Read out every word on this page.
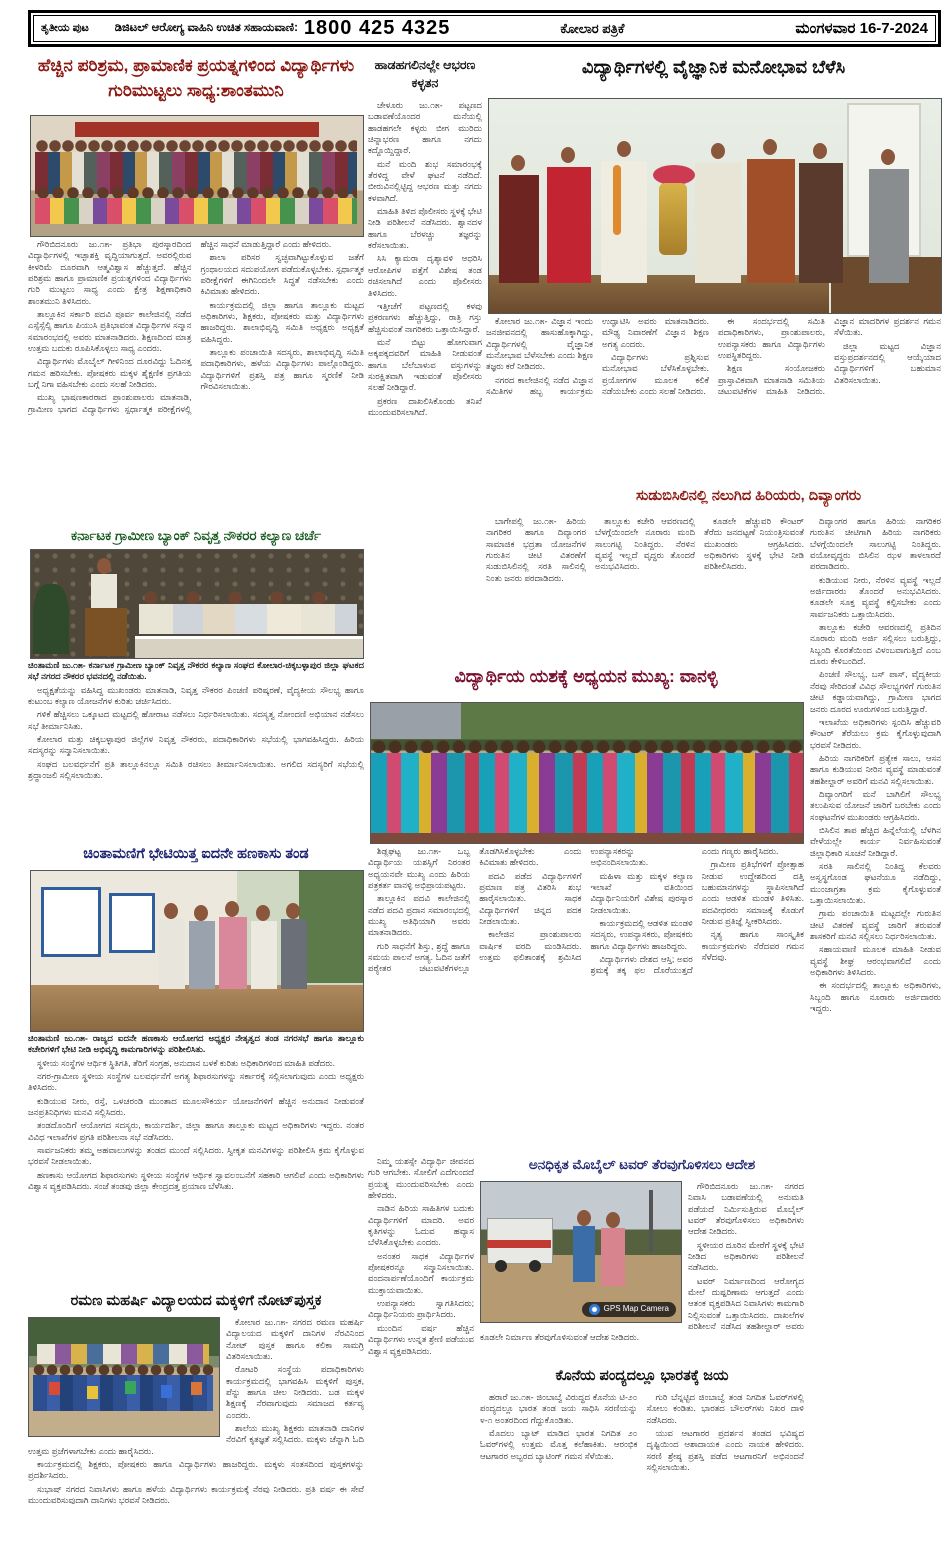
ತೃತೀಯ ಪುಟ ಡಿಜಿಟಲ್ ಆರೋಗ್ಯ ವಾಹಿನಿ ಉಚಿತ ಸಹಾಯವಾಣಿ: 1800 425 4325	ಕೋಲಾರ ಪತ್ರಿಕೆ	ಮಂಗಳವಾರ 16-7-2024
ಹೆಚ್ಚಿನ ಪರಿಶ್ರಮ, ಪ್ರಾಮಾಣಿಕ ಪ್ರಯತ್ನಗಳಿಂದ ವಿದ್ಯಾರ್ಥಿಗಳು ಗುರಿಮುಟ್ಟಲು ಸಾಧ್ಯ:ಶಾಂತಮುನಿ

ಗೌರಿಬಿದನೂರು ಜು.೧೫- ಪ್ರತಿಭಾ ಪುರಸ್ಕಾರದಿಂದ ವಿದ್ಯಾರ್ಥಿಗಳಲ್ಲಿ ಇಚ್ಛಾಶಕ್ತಿ ವೃದ್ಧಿಯಾಗುತ್ತದೆ. ಅವರಲ್ಲಿರುವ ಕೀಳರಿಮೆ ದೂರವಾಗಿ ಆತ್ಮವಿಶ್ವಾಸ ಹೆಚ್ಚುತ್ತದೆ. ಹೆಚ್ಚಿನ ಪರಿಶ್ರಮ ಹಾಗೂ ಪ್ರಾಮಾಣಿಕ ಪ್ರಯತ್ನಗಳಿಂದ ವಿದ್ಯಾರ್ಥಿಗಳು ಗುರಿ ಮುಟ್ಟಲು ಸಾಧ್ಯ ಎಂದು ಕ್ಷೇತ್ರ ಶಿಕ್ಷಣಾಧಿಕಾರಿ ಶಾಂತಮುನಿ ತಿಳಿಸಿದರು.

ತಾಲ್ಲೂಕಿನ ಸರ್ಕಾರಿ ಪದವಿ ಪೂರ್ವ ಕಾಲೇಜಿನಲ್ಲಿ ನಡೆದ ಎಸ್ಸೆಸ್ಸೆಲ್ಸಿ ಹಾಗೂ ಪಿಯುಸಿ ಪ್ರತಿಭಾವಂತ ವಿದ್ಯಾರ್ಥಿಗಳ ಸನ್ಮಾನ ಸಮಾರಂಭದಲ್ಲಿ ಅವರು ಮಾತನಾಡಿದರು. ಶಿಕ್ಷಣದಿಂದ ಮಾತ್ರ ಉತ್ತಮ ಬದುಕು ರೂಪಿಸಿಕೊಳ್ಳಲು ಸಾಧ್ಯ ಎಂದರು.

ವಿದ್ಯಾರ್ಥಿಗಳು ಮೊಬೈಲ್ ಗೀಳಿನಿಂದ ದೂರವಿದ್ದು ಓದಿನತ್ತ ಗಮನ ಹರಿಸಬೇಕು. ಪೋಷಕರು ಮಕ್ಕಳ ಶೈಕ್ಷಣಿಕ ಪ್ರಗತಿಯ ಬಗ್ಗೆ ನಿಗಾ ವಹಿಸಬೇಕು ಎಂದು ಸಲಹೆ ನೀಡಿದರು.

ಮುಖ್ಯ ಭಾಷಣಕಾರರಾದ ಪ್ರಾಂಶುಪಾಲರು ಮಾತನಾಡಿ, ಗ್ರಾಮೀಣ ಭಾಗದ ವಿದ್ಯಾರ್ಥಿಗಳು ಸ್ಪರ್ಧಾತ್ಮಕ ಪರೀಕ್ಷೆಗಳಲ್ಲಿ ಹೆಚ್ಚಿನ ಸಾಧನೆ ಮಾಡುತ್ತಿದ್ದಾರೆ ಎಂದು ಹೇಳಿದರು.

ಶಾಲಾ ಪರಿಸರ ಸ್ವಚ್ಛವಾಗಿಟ್ಟುಕೊಳ್ಳುವ ಜತೆಗೆ ಗ್ರಂಥಾಲಯದ ಸದುಪಯೋಗ ಪಡೆದುಕೊಳ್ಳಬೇಕು. ಸ್ಪರ್ಧಾತ್ಮಕ ಪರೀಕ್ಷೆಗಳಿಗೆ ಈಗಿನಿಂದಲೇ ಸಿದ್ಧತೆ ನಡೆಸಬೇಕು ಎಂದು ಕಿವಿಮಾತು ಹೇಳಿದರು.

ಕಾರ್ಯಕ್ರಮದಲ್ಲಿ ಜಿಲ್ಲಾ ಹಾಗೂ ತಾಲ್ಲೂಕು ಮಟ್ಟದ ಅಧಿಕಾರಿಗಳು, ಶಿಕ್ಷಕರು, ಪೋಷಕರು ಮತ್ತು ವಿದ್ಯಾರ್ಥಿಗಳು ಹಾಜರಿದ್ದರು. ಶಾಲಾಭಿವೃದ್ಧಿ ಸಮಿತಿ ಅಧ್ಯಕ್ಷರು ಅಧ್ಯಕ್ಷತೆ ವಹಿಸಿದ್ದರು.

ತಾಲ್ಲೂಕು ಪಂಚಾಯಿತಿ ಸದಸ್ಯರು, ಶಾಲಾಭಿವೃದ್ಧಿ ಸಮಿತಿ ಪದಾಧಿಕಾರಿಗಳು, ಹಳೆಯ ವಿದ್ಯಾರ್ಥಿಗಳು ಪಾಲ್ಗೊಂಡಿದ್ದರು. ವಿದ್ಯಾರ್ಥಿಗಳಿಗೆ ಪ್ರಶಸ್ತಿ ಪತ್ರ ಹಾಗೂ ಸ್ಮರಣಿಕೆ ನೀಡಿ ಗೌರವಿಸಲಾಯಿತು.

ಕರ್ನಾಟಕ ಗ್ರಾಮೀಣ ಬ್ಯಾಂಕ್ ನಿವೃತ್ತ ನೌಕರರ ಕಲ್ಯಾಣ ಚರ್ಚೆ

ಚಿಂತಾಮಣಿ ಜು.೧೫- ಕರ್ನಾಟಕ ಗ್ರಾಮೀಣ ಬ್ಯಾಂಕ್ ನಿವೃತ್ತ ನೌಕರರ ಕಲ್ಯಾಣ ಸಂಘದ ಕೋಲಾರ-ಚಿಕ್ಕಬಳ್ಳಾಪುರ ಜಿಲ್ಲಾ ಘಟಕದ ಸಭೆ ನಗರದ ನೌಕರರ ಭವನದಲ್ಲಿ ನಡೆಯಿತು.

ಅಧ್ಯಕ್ಷತೆಯನ್ನು ವಹಿಸಿದ್ದ ಮುಖಂಡರು ಮಾತನಾಡಿ, ನಿವೃತ್ತ ನೌಕರರ ಪಿಂಚಣಿ ಪರಿಷ್ಕರಣೆ, ವೈದ್ಯಕೀಯ ಸೌಲಭ್ಯ ಹಾಗೂ ಕುಟುಂಬ ಕಲ್ಯಾಣ ಯೋಜನೆಗಳ ಕುರಿತು ಚರ್ಚಿಸಿದರು.

ಗಳಿಕೆ ಹೆಚ್ಚಿಸಲು ಒಕ್ಕೂಟದ ಮಟ್ಟದಲ್ಲಿ ಹೋರಾಟ ನಡೆಸಲು ನಿರ್ಧರಿಸಲಾಯಿತು. ಸದಸ್ಯತ್ವ ನೋಂದಣಿ ಅಭಿಯಾನ ನಡೆಸಲು ಸಭೆ ತೀರ್ಮಾನಿಸಿತು.

ಕೋಲಾರ ಮತ್ತು ಚಿಕ್ಕಬಳ್ಳಾಪುರ ಜಿಲ್ಲೆಗಳ ನಿವೃತ್ತ ನೌಕರರು, ಪದಾಧಿಕಾರಿಗಳು ಸಭೆಯಲ್ಲಿ ಭಾಗವಹಿಸಿದ್ದರು. ಹಿರಿಯ ಸದಸ್ಯರನ್ನು ಸನ್ಮಾನಿಸಲಾಯಿತು.

ಸಂಘದ ಬಲವರ್ಧನೆಗೆ ಪ್ರತಿ ತಾಲ್ಲೂಕಿನಲ್ಲೂ ಸಮಿತಿ ರಚಿಸಲು ತೀರ್ಮಾನಿಸಲಾಯಿತು. ಅಗಲಿದ ಸದಸ್ಯರಿಗೆ ಸಭೆಯಲ್ಲಿ ಶ್ರದ್ಧಾಂಜಲಿ ಸಲ್ಲಿಸಲಾಯಿತು.

ಚಿಂತಾಮಣಿಗೆ ಭೇಟಿಯಿತ್ತ ಐದನೇ ಹಣಕಾಸು ತಂಡ

ಚಿಂತಾಮಣಿ ಜು.೧೫- ರಾಜ್ಯದ ಐದನೇ ಹಣಕಾಸು ಆಯೋಗದ ಅಧ್ಯಕ್ಷರ ನೇತೃತ್ವದ ತಂಡ ನಗರಸಭೆ ಹಾಗೂ ತಾಲ್ಲೂಕು ಕಚೇರಿಗಳಿಗೆ ಭೇಟಿ ನೀಡಿ ಅಭಿವೃದ್ಧಿ ಕಾಮಗಾರಿಗಳನ್ನು ಪರಿಶೀಲಿಸಿತು.

ಸ್ಥಳೀಯ ಸಂಸ್ಥೆಗಳ ಆರ್ಥಿಕ ಸ್ಥಿತಿಗತಿ, ತೆರಿಗೆ ಸಂಗ್ರಹ, ಅನುದಾನ ಬಳಕೆ ಕುರಿತು ಅಧಿಕಾರಿಗಳಿಂದ ಮಾಹಿತಿ ಪಡೆದರು.

ನಗರ-ಗ್ರಾಮೀಣ ಸ್ಥಳೀಯ ಸಂಸ್ಥೆಗಳ ಬಲವರ್ಧನೆಗೆ ಅಗತ್ಯ ಶಿಫಾರಸುಗಳನ್ನು ಸರ್ಕಾರಕ್ಕೆ ಸಲ್ಲಿಸಲಾಗುವುದು ಎಂದು ಅಧ್ಯಕ್ಷರು ತಿಳಿಸಿದರು.

ಕುಡಿಯುವ ನೀರು, ರಸ್ತೆ, ಒಳಚರಂಡಿ ಮುಂತಾದ ಮೂಲಸೌಕರ್ಯ ಯೋಜನೆಗಳಿಗೆ ಹೆಚ್ಚಿನ ಅನುದಾನ ನೀಡುವಂತೆ ಜನಪ್ರತಿನಿಧಿಗಳು ಮನವಿ ಸಲ್ಲಿಸಿದರು.

ತಂಡದೊಂದಿಗೆ ಆಯೋಗದ ಸದಸ್ಯರು, ಕಾರ್ಯದರ್ಶಿ, ಜಿಲ್ಲಾ ಹಾಗೂ ತಾಲ್ಲೂಕು ಮಟ್ಟದ ಅಧಿಕಾರಿಗಳು ಇದ್ದರು. ನಂತರ ವಿವಿಧ ಇಲಾಖೆಗಳ ಪ್ರಗತಿ ಪರಿಶೀಲನಾ ಸಭೆ ನಡೆಸಿದರು.

ಸಾರ್ವಜನಿಕರು ತಮ್ಮ ಅಹವಾಲುಗಳನ್ನು ತಂಡದ ಮುಂದೆ ಸಲ್ಲಿಸಿದರು. ಸ್ವೀಕೃತ ಮನವಿಗಳನ್ನು ಪರಿಶೀಲಿಸಿ ಕ್ರಮ ಕೈಗೊಳ್ಳುವ ಭರವಸೆ ನೀಡಲಾಯಿತು.

ಹಣಕಾಸು ಆಯೋಗದ ಶಿಫಾರಸುಗಳು ಸ್ಥಳೀಯ ಸಂಸ್ಥೆಗಳ ಆರ್ಥಿಕ ಸ್ವಾವಲಂಬನೆಗೆ ಸಹಕಾರಿ ಆಗಲಿವೆ ಎಂದು ಅಧಿಕಾರಿಗಳು ವಿಶ್ವಾಸ ವ್ಯಕ್ತಪಡಿಸಿದರು. ಸಂಜೆ ತಂಡವು ಜಿಲ್ಲಾ ಕೇಂದ್ರದತ್ತ ಪ್ರಯಾಣ ಬೆಳೆಸಿತು.

ರಮಣ ಮಹರ್ಷಿ ವಿದ್ಯಾಲಯದ ಮಕ್ಕಳಿಗೆ ನೋಟ್‌ಪುಸ್ತಕ

ಕೋಲಾರ ಜು.೧೫- ನಗರದ ರಮಣ ಮಹರ್ಷಿ ವಿದ್ಯಾಲಯದ ಮಕ್ಕಳಿಗೆ ದಾನಿಗಳ ನೆರವಿನಿಂದ ನೋಟ್ ಪುಸ್ತಕ ಹಾಗೂ ಕಲಿಕಾ ಸಾಮಗ್ರಿ ವಿತರಿಸಲಾಯಿತು.

ರೋಟರಿ ಸಂಸ್ಥೆಯ ಪದಾಧಿಕಾರಿಗಳು ಕಾರ್ಯಕ್ರಮದಲ್ಲಿ ಭಾಗವಹಿಸಿ ಮಕ್ಕಳಿಗೆ ಪುಸ್ತಕ, ಪೆನ್ನು ಹಾಗೂ ಚೀಲ ನೀಡಿದರು. ಬಡ ಮಕ್ಕಳ ಶಿಕ್ಷಣಕ್ಕೆ ನೆರವಾಗುವುದು ಸಮಾಜದ ಕರ್ತವ್ಯ ಎಂದರು.

ಶಾಲೆಯ ಮುಖ್ಯ ಶಿಕ್ಷಕರು ಮಾತನಾಡಿ ದಾನಿಗಳ ನೆರವಿಗೆ ಕೃತಜ್ಞತೆ ಸಲ್ಲಿಸಿದರು. ಮಕ್ಕಳು ಚೆನ್ನಾಗಿ ಓದಿ ಉತ್ತಮ ಪ್ರಜೆಗಳಾಗಬೇಕು ಎಂದು ಹಾರೈಸಿದರು.

ಕಾರ್ಯಕ್ರಮದಲ್ಲಿ ಶಿಕ್ಷಕರು, ಪೋಷಕರು ಹಾಗೂ ವಿದ್ಯಾರ್ಥಿಗಳು ಹಾಜರಿದ್ದರು. ಮಕ್ಕಳು ಸಂತಸದಿಂದ ಪುಸ್ತಕಗಳನ್ನು ಪ್ರದರ್ಶಿಸಿದರು.

ಸುಭಾಷ್ ನಗರದ ನಿವಾಸಿಗಳು ಹಾಗೂ ಹಳೆಯ ವಿದ್ಯಾರ್ಥಿಗಳು ಕಾರ್ಯಕ್ರಮಕ್ಕೆ ನೆರವು ನೀಡಿದರು. ಪ್ರತಿ ವರ್ಷ ಈ ಸೇವೆ ಮುಂದುವರಿಸುವುದಾಗಿ ದಾನಿಗಳು ಭರವಸೆ ನೀಡಿದರು.

ಹಾಡಹಗಲಿನಲ್ಲೇ ಆಭರಣ ಕಳ್ಳತನ

ಚೇಳೂರು ಜು.೧೫- ಪಟ್ಟಣದ ಬಡಾವಣೆಯೊಂದರ ಮನೆಯಲ್ಲಿ ಹಾಡಹಗಲೇ ಕಳ್ಳರು ಬೀಗ ಮುರಿದು ಚಿನ್ನಾಭರಣ ಹಾಗೂ ನಗದು ಕದ್ದೊಯ್ದಿದ್ದಾರೆ.

ಮನೆ ಮಂದಿ ಶುಭ ಸಮಾರಂಭಕ್ಕೆ ತೆರಳಿದ್ದ ವೇಳೆ ಘಟನೆ ನಡೆದಿದೆ. ಬೀರುವಿನಲ್ಲಿಟ್ಟಿದ್ದ ಆಭರಣ ಮತ್ತು ನಗದು ಕಳವಾಗಿದೆ.

ಮಾಹಿತಿ ತಿಳಿದ ಪೊಲೀಸರು ಸ್ಥಳಕ್ಕೆ ಭೇಟಿ ನೀಡಿ ಪರಿಶೀಲನೆ ನಡೆಸಿದರು. ಶ್ವಾನದಳ ಹಾಗೂ ಬೆರಳಚ್ಚು ತಜ್ಞರನ್ನು ಕರೆಸಲಾಯಿತು.

ಸಿಸಿ ಕ್ಯಾಮರಾ ದೃಶ್ಯಾವಳಿ ಆಧರಿಸಿ ಆರೋಪಿಗಳ ಪತ್ತೆಗೆ ವಿಶೇಷ ತಂಡ ರಚಿಸಲಾಗಿದೆ ಎಂದು ಪೊಲೀಸರು ತಿಳಿಸಿದರು.

ಇತ್ತೀಚೆಗೆ ಪಟ್ಟಣದಲ್ಲಿ ಕಳವು ಪ್ರಕರಣಗಳು ಹೆಚ್ಚುತ್ತಿದ್ದು, ರಾತ್ರಿ ಗಸ್ತು ಹೆಚ್ಚಿಸುವಂತೆ ನಾಗರಿಕರು ಒತ್ತಾಯಿಸಿದ್ದಾರೆ.

ಮನೆ ಬಿಟ್ಟು ಹೋಗುವಾಗ ಅಕ್ಕಪಕ್ಕದವರಿಗೆ ಮಾಹಿತಿ ನೀಡುವಂತೆ ಹಾಗೂ ಬೆಲೆಬಾಳುವ ವಸ್ತುಗಳನ್ನು ಸುರಕ್ಷಿತವಾಗಿ ಇಡುವಂತೆ ಪೊಲೀಸರು ಸಲಹೆ ನೀಡಿದ್ದಾರೆ.

ಪ್ರಕರಣ ದಾಖಲಿಸಿಕೊಂಡು ತನಿಖೆ ಮುಂದುವರಿಸಲಾಗಿದೆ.

ವಿದ್ಯಾರ್ಥಿಗಳಲ್ಲಿ ವೈಜ್ಞಾನಿಕ ಮನೋಭಾವ ಬೆಳೆಸಿ

ಕೋಲಾರ ಜು.೧೫- ವಿಜ್ಞಾನ ಇಂದು ಜನಜೀವನದಲ್ಲಿ ಹಾಸುಹೊಕ್ಕಾಗಿದ್ದು, ವಿದ್ಯಾರ್ಥಿಗಳಲ್ಲಿ ವೈಜ್ಞಾನಿಕ ಮನೋಭಾವ ಬೆಳೆಸಬೇಕು ಎಂದು ಶಿಕ್ಷಣ ತಜ್ಞರು ಕರೆ ನೀಡಿದರು.

ನಗರದ ಕಾಲೇಜಿನಲ್ಲಿ ನಡೆದ ವಿಜ್ಞಾನ ಸಮಿತಿಗಳ ಹಬ್ಬ ಕಾರ್ಯಕ್ರಮ ಉದ್ಘಾಟಿಸಿ ಅವರು ಮಾತನಾಡಿದರು. ಮೌಢ್ಯ ನಿವಾರಣೆಗೆ ವಿಜ್ಞಾನ ಶಿಕ್ಷಣ ಅಗತ್ಯ ಎಂದರು.

ವಿದ್ಯಾರ್ಥಿಗಳು ಪ್ರಶ್ನಿಸುವ ಮನೋಭಾವ ಬೆಳೆಸಿಕೊಳ್ಳಬೇಕು. ಪ್ರಯೋಗಗಳ ಮೂಲಕ ಕಲಿಕೆ ನಡೆಯಬೇಕು ಎಂದು ಸಲಹೆ ನೀಡಿದರು.

ಈ ಸಂದರ್ಭದಲ್ಲಿ ಸಮಿತಿ ಪದಾಧಿಕಾರಿಗಳು, ಪ್ರಾಂಶುಪಾಲರು, ಉಪನ್ಯಾಸಕರು ಹಾಗೂ ವಿದ್ಯಾರ್ಥಿಗಳು ಉಪಸ್ಥಿತರಿದ್ದರು.

ಶಿಕ್ಷಣ ಸಂಯೋಜಕರು ಪ್ರಾಸ್ತಾವಿಕವಾಗಿ ಮಾತನಾಡಿ ಸಮಿತಿಯ ಚಟುವಟಿಕೆಗಳ ಮಾಹಿತಿ ನೀಡಿದರು. ವಿಜ್ಞಾನ ಮಾದರಿಗಳ ಪ್ರದರ್ಶನ ಗಮನ ಸೆಳೆಯಿತು.

ಜಿಲ್ಲಾ ಮಟ್ಟದ ವಿಜ್ಞಾನ ವಸ್ತುಪ್ರದರ್ಶನದಲ್ಲಿ ಆಯ್ಕೆಯಾದ ವಿದ್ಯಾರ್ಥಿಗಳಿಗೆ ಬಹುಮಾನ ವಿತರಿಸಲಾಯಿತು.

ಸುಡುಬಿಸಿಲಿನಲ್ಲಿ ನಲುಗಿದ ಹಿರಿಯರು, ದಿವ್ಯಾಂಗರು

ಬಾಗೇಪಲ್ಲಿ ಜು.೧೫- ಹಿರಿಯ ನಾಗರಿಕರ ಹಾಗೂ ದಿವ್ಯಾಂಗರ ಸಾಮಾಜಿಕ ಭದ್ರತಾ ಯೋಜನೆಗಳ ಗುರುತಿನ ಚೀಟಿ ವಿತರಣೆಗೆ ಸುಡುಬಿಸಿಲಿನಲ್ಲಿ ಸರತಿ ಸಾಲಿನಲ್ಲಿ ನಿಂತು ಜನರು ಪರದಾಡಿದರು.

ತಾಲ್ಲೂಕು ಕಚೇರಿ ಆವರಣದಲ್ಲಿ ಬೆಳಗ್ಗೆಯಿಂದಲೇ ನೂರಾರು ಮಂದಿ ಸಾಲುಗಟ್ಟಿ ನಿಂತಿದ್ದರು. ನೆರಳಿನ ವ್ಯವಸ್ಥೆ ಇಲ್ಲದೆ ವೃದ್ಧರು ತೊಂದರೆ ಅನುಭವಿಸಿದರು.

ಕೂಡಲೇ ಹೆಚ್ಚುವರಿ ಕೌಂಟರ್ ತೆರೆದು ಜನದಟ್ಟಣೆ ನಿಯಂತ್ರಿಸುವಂತೆ ಮುಖಂಡರು ಆಗ್ರಹಿಸಿದರು. ಅಧಿಕಾರಿಗಳು ಸ್ಥಳಕ್ಕೆ ಭೇಟಿ ನೀಡಿ ಪರಿಶೀಲಿಸಿದರು.

ದಿವ್ಯಾಂಗರ ಹಾಗೂ ಹಿರಿಯ ನಾಗರಿಕರ ಗುರುತಿನ ಚೀಟಿಗಾಗಿ ಹಿರಿಯ ನಾಗರಿಕರು ಬೆಳಗ್ಗೆಯಿಂದಲೇ ಸಾಲುಗಟ್ಟಿ ನಿಂತಿದ್ದರು. ವಯೋವೃದ್ಧರು ಬಿಸಿಲಿನ ಝಳ ತಾಳಲಾರದೆ ಪರದಾಡಿದರು.

ಕುಡಿಯುವ ನೀರು, ನೆರಳಿನ ವ್ಯವಸ್ಥೆ ಇಲ್ಲದೆ ಅರ್ಜಿದಾರರು ತೊಂದರೆ ಅನುಭವಿಸಿದರು. ಕೂಡಲೇ ಸೂಕ್ತ ವ್ಯವಸ್ಥೆ ಕಲ್ಪಿಸಬೇಕು ಎಂದು ಸಾರ್ವಜನಿಕರು ಒತ್ತಾಯಿಸಿದರು.

ತಾಲ್ಲೂಕು ಕಚೇರಿ ಆವರಣದಲ್ಲಿ ಪ್ರತಿದಿನ ನೂರಾರು ಮಂದಿ ಅರ್ಜಿ ಸಲ್ಲಿಸಲು ಬರುತ್ತಿದ್ದು, ಸಿಬ್ಬಂದಿ ಕೊರತೆಯಿಂದ ವಿಳಂಬವಾಗುತ್ತಿದೆ ಎಂಬ ದೂರು ಕೇಳಿಬಂದಿದೆ.

ಪಿಂಚಣಿ ಸೌಲಭ್ಯ, ಬಸ್ ಪಾಸ್, ವೈದ್ಯಕೀಯ ನೆರವು ಸೇರಿದಂತೆ ವಿವಿಧ ಸೌಲಭ್ಯಗಳಿಗೆ ಗುರುತಿನ ಚೀಟಿ ಕಡ್ಡಾಯವಾಗಿದ್ದು, ಗ್ರಾಮೀಣ ಭಾಗದ ಜನರು ದೂರದ ಊರುಗಳಿಂದ ಬರುತ್ತಿದ್ದಾರೆ.

ಇಲಾಖೆಯ ಅಧಿಕಾರಿಗಳು ಸ್ಪಂದಿಸಿ ಹೆಚ್ಚುವರಿ ಕೌಂಟರ್ ತೆರೆಯಲು ಕ್ರಮ ಕೈಗೊಳ್ಳುವುದಾಗಿ ಭರವಸೆ ನೀಡಿದರು.

ಹಿರಿಯ ನಾಗರಿಕರಿಗೆ ಪ್ರತ್ಯೇಕ ಸಾಲು, ಆಸನ ಹಾಗೂ ಕುಡಿಯುವ ನೀರಿನ ವ್ಯವಸ್ಥೆ ಮಾಡುವಂತೆ ತಹಶೀಲ್ದಾರ್ ಅವರಿಗೆ ಮನವಿ ಸಲ್ಲಿಸಲಾಯಿತು.

ದಿವ್ಯಾಂಗರಿಗೆ ಮನೆ ಬಾಗಿಲಿಗೆ ಸೌಲಭ್ಯ ತಲುಪಿಸುವ ಯೋಜನೆ ಜಾರಿಗೆ ಬರಬೇಕು ಎಂದು ಸಂಘಟನೆಗಳ ಮುಖಂಡರು ಆಗ್ರಹಿಸಿದರು.

ಬಿಸಿಲಿನ ತಾಪ ಹೆಚ್ಚಿದ ಹಿನ್ನೆಲೆಯಲ್ಲಿ ಬೆಳಗಿನ ವೇಳೆಯಲ್ಲೇ ಕಾರ್ಯ ನಿರ್ವಹಿಸುವಂತೆ ಜಿಲ್ಲಾಧಿಕಾರಿ ಸೂಚನೆ ನೀಡಿದ್ದಾರೆ.

ಸರತಿ ಸಾಲಿನಲ್ಲಿ ನಿಂತಿದ್ದ ಕೆಲವರು ಅಸ್ವಸ್ಥಗೊಂಡ ಘಟನೆಯೂ ನಡೆದಿದ್ದು, ಮುಂಜಾಗ್ರತಾ ಕ್ರಮ ಕೈಗೊಳ್ಳುವಂತೆ ಒತ್ತಾಯಿಸಲಾಯಿತು.

ಗ್ರಾಮ ಪಂಚಾಯಿತಿ ಮಟ್ಟದಲ್ಲೇ ಗುರುತಿನ ಚೀಟಿ ವಿತರಣೆ ವ್ಯವಸ್ಥೆ ಜಾರಿಗೆ ತರುವಂತೆ ಶಾಸಕರಿಗೆ ಮನವಿ ಸಲ್ಲಿಸಲು ನಿರ್ಧರಿಸಲಾಯಿತು.

ಸಹಾಯವಾಣಿ ಮೂಲಕ ಮಾಹಿತಿ ನೀಡುವ ವ್ಯವಸ್ಥೆ ಶೀಘ್ರ ಆರಂಭವಾಗಲಿದೆ ಎಂದು ಅಧಿಕಾರಿಗಳು ತಿಳಿಸಿದರು.

ಈ ಸಂದರ್ಭದಲ್ಲಿ ತಾಲ್ಲೂಕು ಅಧಿಕಾರಿಗಳು, ಸಿಬ್ಬಂದಿ ಹಾಗೂ ನೂರಾರು ಅರ್ಜಿದಾರರು ಇದ್ದರು.

ವಿದ್ಯಾರ್ಥಿಯ ಯಶಕ್ಕೆ ಅಧ್ಯಯನ ಮುಖ್ಯ: ವಾನಳ್ಳಿ

ಶಿಡ್ಲಘಟ್ಟ ಜು.೧೫- ಒಬ್ಬ ವಿದ್ಯಾರ್ಥಿಯ ಯಶಸ್ಸಿಗೆ ನಿರಂತರ ಅಧ್ಯಯನವೇ ಮುಖ್ಯ ಎಂದು ಹಿರಿಯ ಪತ್ರಕರ್ತ ವಾನಳ್ಳಿ ಅಭಿಪ್ರಾಯಪಟ್ಟರು.

ತಾಲ್ಲೂಕಿನ ಪದವಿ ಕಾಲೇಜಿನಲ್ಲಿ ನಡೆದ ಪದವಿ ಪ್ರದಾನ ಸಮಾರಂಭದಲ್ಲಿ ಮುಖ್ಯ ಅತಿಥಿಯಾಗಿ ಅವರು ಮಾತನಾಡಿದರು.

ಗುರಿ ಸಾಧನೆಗೆ ಶಿಸ್ತು, ಶ್ರದ್ಧೆ ಹಾಗೂ ಸಮಯ ಪಾಲನೆ ಅಗತ್ಯ. ಓದಿನ ಜತೆಗೆ ಪಠ್ಯೇತರ ಚಟುವಟಿಕೆಗಳಲ್ಲೂ ತೊಡಗಿಸಿಕೊಳ್ಳಬೇಕು ಎಂದು ಕಿವಿಮಾತು ಹೇಳಿದರು.

ಪದವಿ ಪಡೆದ ವಿದ್ಯಾರ್ಥಿಗಳಿಗೆ ಪ್ರಮಾಣ ಪತ್ರ ವಿತರಿಸಿ ಶುಭ ಹಾರೈಸಲಾಯಿತು. ಸಾಧಕ ವಿದ್ಯಾರ್ಥಿಗಳಿಗೆ ಚಿನ್ನದ ಪದಕ ನೀಡಲಾಯಿತು.

ಕಾಲೇಜಿನ ಪ್ರಾಂಶುಪಾಲರು ವಾರ್ಷಿಕ ವರದಿ ಮಂಡಿಸಿದರು. ಉತ್ತಮ ಫಲಿತಾಂಶಕ್ಕೆ ಶ್ರಮಿಸಿದ ಉಪನ್ಯಾಸಕರನ್ನು ಅಭಿನಂದಿಸಲಾಯಿತು.

ಮಹಿಳಾ ಮತ್ತು ಮಕ್ಕಳ ಕಲ್ಯಾಣ ಇಲಾಖೆ ವತಿಯಿಂದ ವಿದ್ಯಾರ್ಥಿನಿಯರಿಗೆ ವಿಶೇಷ ಪುರಸ್ಕಾರ ನೀಡಲಾಯಿತು.

ಕಾರ್ಯಕ್ರಮದಲ್ಲಿ ಆಡಳಿತ ಮಂಡಳಿ ಸದಸ್ಯರು, ಉಪನ್ಯಾಸಕರು, ಪೋಷಕರು ಹಾಗೂ ವಿದ್ಯಾರ್ಥಿಗಳು ಹಾಜರಿದ್ದರು.

ವಿದ್ಯಾರ್ಥಿಗಳು ದೇಶದ ಆಸ್ತಿ; ಅವರ ಶ್ರಮಕ್ಕೆ ತಕ್ಕ ಫಲ ದೊರೆಯುತ್ತದೆ ಎಂದು ಗಣ್ಯರು ಹಾರೈಸಿದರು.

ಗ್ರಾಮೀಣ ಪ್ರತಿಭೆಗಳಿಗೆ ಪ್ರೋತ್ಸಾಹ ನೀಡುವ ಉದ್ದೇಶದಿಂದ ದತ್ತಿ ಬಹುಮಾನಗಳನ್ನು ಸ್ಥಾಪಿಸಲಾಗಿದೆ ಎಂದು ಆಡಳಿತ ಮಂಡಳಿ ತಿಳಿಸಿತು. ಪದವೀಧರರು ಸಮಾಜಕ್ಕೆ ಕೊಡುಗೆ ನೀಡುವ ಪ್ರತಿಜ್ಞೆ ಸ್ವೀಕರಿಸಿದರು.

ನೃತ್ಯ ಹಾಗೂ ಸಾಂಸ್ಕೃತಿಕ ಕಾರ್ಯಕ್ರಮಗಳು ನೆರೆದವರ ಗಮನ ಸೆಳೆದವು.

ನಿಮ್ಮ ಯಶಸ್ಸೇ ವಿದ್ಯಾರ್ಥಿ ಜೀವನದ ಗುರಿ ಆಗಬೇಕು. ಸೋಲಿಗೆ ಎದೆಗುಂದದೆ ಪ್ರಯತ್ನ ಮುಂದುವರಿಸಬೇಕು ಎಂದು ಹೇಳಿದರು.

ನಾಡಿನ ಹಿರಿಯ ಸಾಹಿತಿಗಳ ಬದುಕು ವಿದ್ಯಾರ್ಥಿಗಳಿಗೆ ಮಾದರಿ. ಅವರ ಕೃತಿಗಳನ್ನು ಓದುವ ಹವ್ಯಾಸ ಬೆಳೆಸಿಕೊಳ್ಳಬೇಕು ಎಂದರು.

ಅನಂತರ ಸಾಧಕ ವಿದ್ಯಾರ್ಥಿಗಳ ಪೋಷಕರನ್ನೂ ಸನ್ಮಾನಿಸಲಾಯಿತು. ವಂದನಾರ್ಪಣೆಯೊಂದಿಗೆ ಕಾರ್ಯಕ್ರಮ ಮುಕ್ತಾಯವಾಯಿತು.

ಉಪನ್ಯಾಸಕರು ಸ್ವಾಗತಿಸಿದರು; ವಿದ್ಯಾರ್ಥಿನಿಯರು ಪ್ರಾರ್ಥಿಸಿದರು.

ಮುಂದಿನ ವರ್ಷ ಹೆಚ್ಚಿನ ವಿದ್ಯಾರ್ಥಿಗಳು ಉನ್ನತ ಶ್ರೇಣಿ ಪಡೆಯುವ ವಿಶ್ವಾಸ ವ್ಯಕ್ತಪಡಿಸಿದರು.

ಅನಧಿಕೃತ ಮೊಬೈಲ್ ಟವರ್ ತೆರವುಗೊಳಿಸಲು ಆದೇಶ
GPS Map Camera

ಗೌರಿಬಿದನೂರು ಜು.೧೫- ನಗರದ ನಿವಾಸಿ ಬಡಾವಣೆಯಲ್ಲಿ ಅನುಮತಿ ಪಡೆಯದೆ ನಿರ್ಮಿಸುತ್ತಿರುವ ಮೊಬೈಲ್ ಟವರ್ ತೆರವುಗೊಳಿಸಲು ಅಧಿಕಾರಿಗಳು ಆದೇಶ ನೀಡಿದರು.

ಸ್ಥಳೀಯರ ದೂರಿನ ಮೇರೆಗೆ ಸ್ಥಳಕ್ಕೆ ಭೇಟಿ ನೀಡಿದ ಅಧಿಕಾರಿಗಳು ಪರಿಶೀಲನೆ ನಡೆಸಿದರು.

ಟವರ್ ನಿರ್ಮಾಣದಿಂದ ಆರೋಗ್ಯದ ಮೇಲೆ ದುಷ್ಪರಿಣಾಮ ಆಗುತ್ತದೆ ಎಂದು ಆತಂಕ ವ್ಯಕ್ತಪಡಿಸಿದ ನಿವಾಸಿಗಳು ಕಾಮಗಾರಿ ನಿಲ್ಲಿಸುವಂತೆ ಒತ್ತಾಯಿಸಿದರು. ದಾಖಲೆಗಳ ಪರಿಶೀಲನೆ ನಡೆಸಿದ ತಹಶೀಲ್ದಾರ್ ಅವರು ಕೂಡಲೇ ನಿರ್ಮಾಣ ತೆರವುಗೊಳಿಸುವಂತೆ ಆದೇಶ ನೀಡಿದರು.

ಕೊನೆಯ ಪಂದ್ಯದಲ್ಲೂ ಭಾರತಕ್ಕೆ ಜಯ

ಹರಾರೆ ಜು.೧೫- ಜಿಂಬಾಬ್ವೆ ವಿರುದ್ಧದ ಕೊನೆಯ ಟಿ-೨೦ ಪಂದ್ಯದಲ್ಲೂ ಭಾರತ ತಂಡ ಜಯ ಸಾಧಿಸಿ ಸರಣಿಯನ್ನು ೪-೧ ಅಂತರದಿಂದ ಗೆದ್ದುಕೊಂಡಿತು.

ಮೊದಲು ಬ್ಯಾಟ್ ಮಾಡಿದ ಭಾರತ ನಿಗದಿತ ೨೦ ಓವರ್‌ಗಳಲ್ಲಿ ಉತ್ತಮ ಮೊತ್ತ ಕಲೆಹಾಕಿತು. ಆರಂಭಿಕ ಆಟಗಾರರ ಅಬ್ಬರದ ಬ್ಯಾಟಿಂಗ್ ಗಮನ ಸೆಳೆಯಿತು.

ಗುರಿ ಬೆನ್ನಟ್ಟಿದ ಜಿಂಬಾಬ್ವೆ ತಂಡ ನಿಗದಿತ ಓವರ್‌ಗಳಲ್ಲಿ ಸೋಲು ಕಂಡಿತು. ಭಾರತದ ಬೌಲರ್‌ಗಳು ನಿಖರ ದಾಳಿ ನಡೆಸಿದರು.

ಯುವ ಆಟಗಾರರ ಪ್ರದರ್ಶನ ತಂಡದ ಭವಿಷ್ಯದ ದೃಷ್ಟಿಯಿಂದ ಆಶಾದಾಯಕ ಎಂದು ನಾಯಕ ಹೇಳಿದರು. ಸರಣಿ ಶ್ರೇಷ್ಠ ಪ್ರಶಸ್ತಿ ಪಡೆದ ಆಟಗಾರನಿಗೆ ಅಭಿನಂದನೆ ಸಲ್ಲಿಸಲಾಯಿತು.
